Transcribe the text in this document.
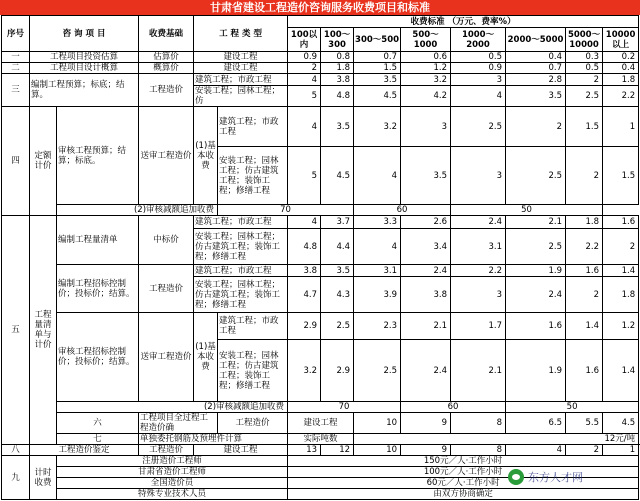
甘肃省建设工程造价咨询服务收费项目和标准
序号	咨 询 项 目		收费基础	工 程 类 型		收费标准 （万元、费率%）								
						100以内	100～300	300～500	500～1000	1000～2000	2000～5000	5000～10000	10000以上	
一	工程项目投资估算		估算价	建设工程		0.9	0.8	0.7	0.6	0.5	0.4	0.3	0.2	
二	工程项目设计概算		概算价	建设工程		2	1.8	1.5	1.2	0.9	0.7	0.5	0.4	
三	编制工程预算；标底；结算。		工程造价	建筑工程；市政工程		4	3.8	3.5	3.2	3	2.8	2	1.8	
				安装工程；园林工程；仿		5	4.8	4.5	4.2	4	3.5	2.5	2.2	
四	定额计价	审核工程预算；结算；标底。	送审工程造价	(1)基本收费	建筑工程；市政工程	4	3.5	3.2	3	2.5	2	1.5	1	
					安装工程；园林工程；仿古建筑工程；装饰工程；修缮工程	5	4.5	4	3.5	3	2.5	2	1.5	
		(2)审核减额追加收费			70			60		50				
五	工程量清单与计价	编制工程量清单	中标价	建筑工程；市政工程		4	3.7	3.3	2.6	2.4	2.1	1.8	1.6	
				安装工程；园林工程；仿古建筑工程；装饰工程；修缮工程		4.8	4.4	4	3.4	3.1	2.5	2.2	2	
		编制工程招标控制价；投标价；结算。	工程造价	建筑工程；市政工程		3.8	3.5	3.1	2.4	2.2	1.9	1.6	1.4	
				安装工程；园林工程；仿古建筑工程；装饰工程；修缮工程		4.7	4.3	3.9	3.8	3	2.4	2	1.8	
		审核工程招标控制价；投标价；结算。	送审工程造价	(1)基本收费	建筑工程；市政工程	2.9	2.5	2.3	2.1	1.7	1.6	1.4	1.2	
					安装工程；园林工程；仿古建筑工程；装饰工程；修缮工程	3.2	2.9	2.5	2.4	2.1	1.9	1.6	1.4	
		(2)审核减额追加收费				70			60		50			
		六	工程项目全过程工程造价确		工程造价	建设工程		10	9	8	6.5	5.5	4.5		
		七	单独委托钢筋及预埋件计算			实际吨数		12元/吨						
八	工程造价鉴定		工程造价	建设工程		13	12	10	9	8	4	2	1	
九	计时收费	注册造价工程师				150元／人·工作小时								
		甘肃省造价工程师				100元／人·工作小时								
		全国造价员				60元／人·工作小时								
		特殊专业技术人员				由双方协商确定								
东方人才网
